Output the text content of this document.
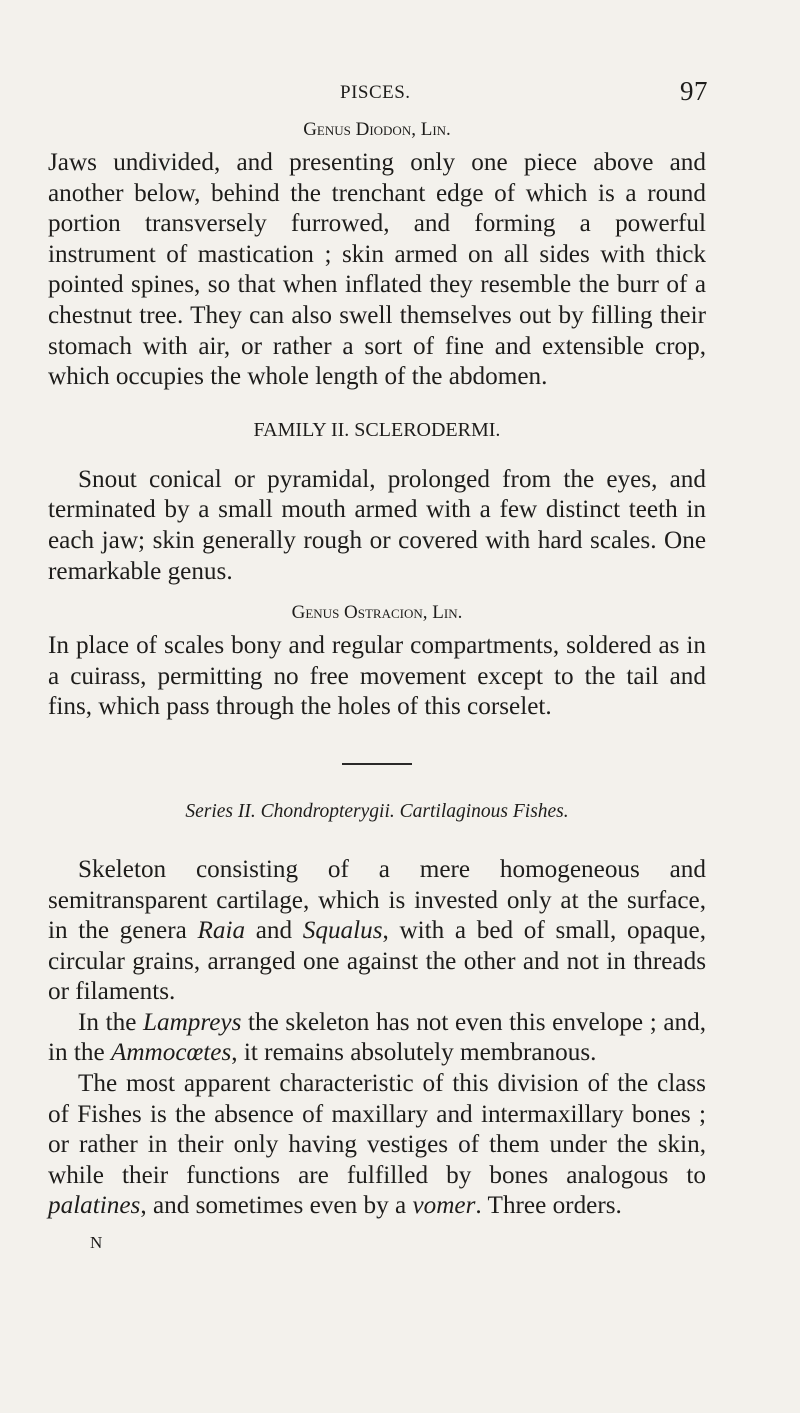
PISCES.	97
Genus Diodon, Lin.

Jaws undivided, and presenting only one piece above and another below, behind the trenchant edge of which is a round portion transversely furrowed, and forming a powerful instrument of mastication ; skin armed on all sides with thick pointed spines, so that when inflated they resemble the burr of a chestnut tree. They can also swell themselves out by filling their stomach with air, or rather a sort of fine and extensible crop, which occupies the whole length of the abdomen.

FAMILY II. SCLERODERMI.

Snout conical or pyramidal, prolonged from the eyes, and terminated by a small mouth armed with a few distinct teeth in each jaw; skin generally rough or covered with hard scales. One remarkable genus.

Genus Ostracion, Lin.

In place of scales bony and regular compartments, soldered as in a cuirass, permitting no free movement except to the tail and fins, which pass through the holes of this corselet.

Series II. Chondropterygii. Cartilaginous Fishes.

Skeleton consisting of a mere homogeneous and semitransparent cartilage, which is invested only at the surface, in the genera Raia and Squalus, with a bed of small, opaque, circular grains, arranged one against the other and not in threads or filaments.

In the Lampreys the skeleton has not even this envelope ; and, in the Ammocœtes, it remains absolutely membranous.

The most apparent characteristic of this division of the class of Fishes is the absence of maxillary and intermaxillary bones ; or rather in their only having vestiges of them under the skin, while their functions are fulfilled by bones analogous to palatines, and sometimes even by a vomer. Three orders.

N
